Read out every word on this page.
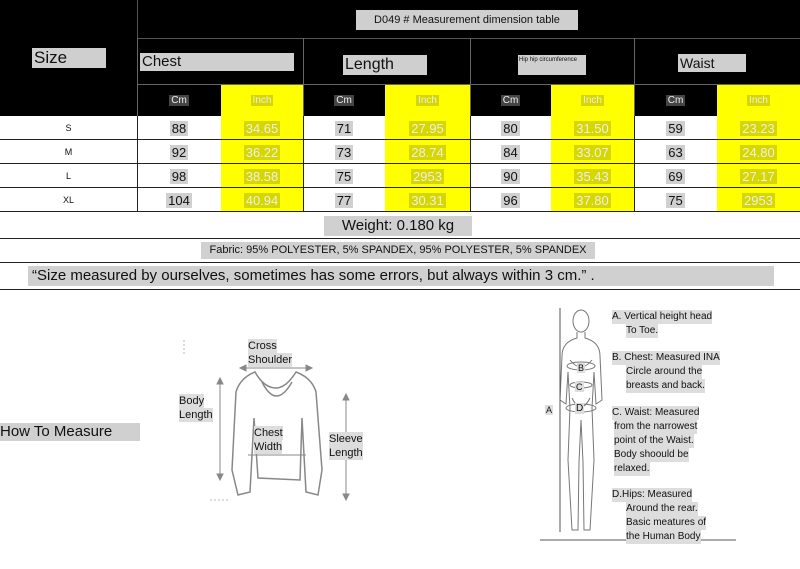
D049 # Measurement dimension table
Size	Chest	Length	Hip hip circumference	Waist
Cm	Inch	Cm	Inch	Cm	Inch	Cm	Inch
S	88	34.65	71	27.95	80	31.50	59	23.23
M	92	36.22	73	28.74	84	33.07	63	24.80
L	98	38.58	75	2953	90	35.43	69	27.17
XL	104	40.94	77	30.31	96	37.80	75	2953
Weight: 0.180 kg
Fabric: 95% POLYESTER, 5% SPANDEX, 95% POLYESTER, 5% SPANDEX
“Size measured by ourselves, sometimes has some errors, but always within 3 cm.” .
How To Measure
Cross
Shoulder
Body
Length
Chest
Width
Sleeve
Length
B
C
D
A
A. Vertical height head
To Toe.
B. Chest: Measured INA
Circle around the
breasts and back.
C. Waist: Measured
from the narrowest
point of the Waist.
Body shoould be
relaxed.
D.Hips: Measured
Around the rear.
Basic meatures of
the Human Body
